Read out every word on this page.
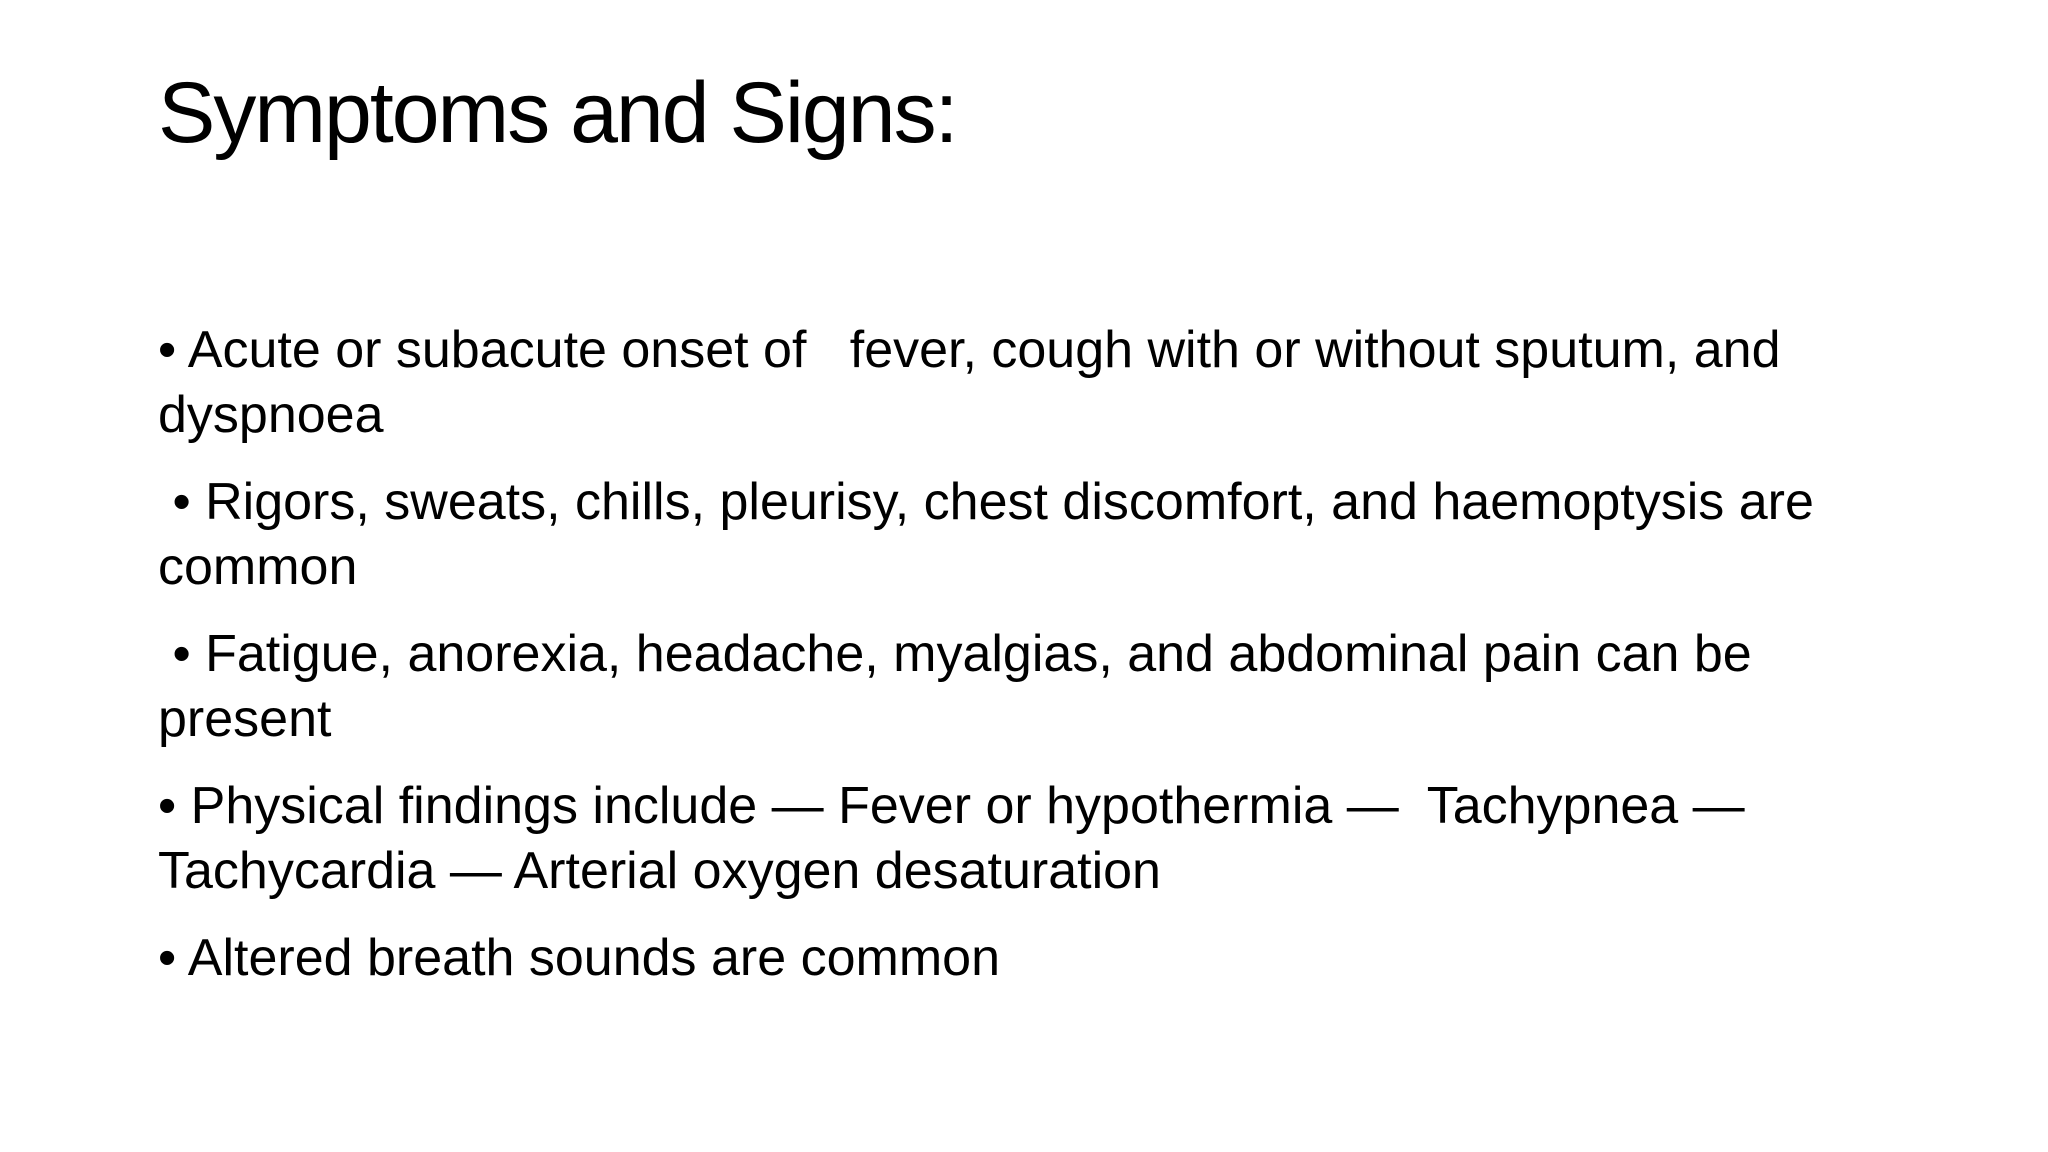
Symptoms and Signs:
• Acute or subacute onset of   fever, cough with or without sputum, and dyspnoea
• Rigors, sweats, chills, pleurisy, chest discomfort, and haemoptysis are common
• Fatigue, anorexia, headache, myalgias, and abdominal pain can be present
• Physical findings include — Fever or hypothermia —  Tachypnea — Tachycardia — Arterial oxygen desaturation
• Altered breath sounds are common
